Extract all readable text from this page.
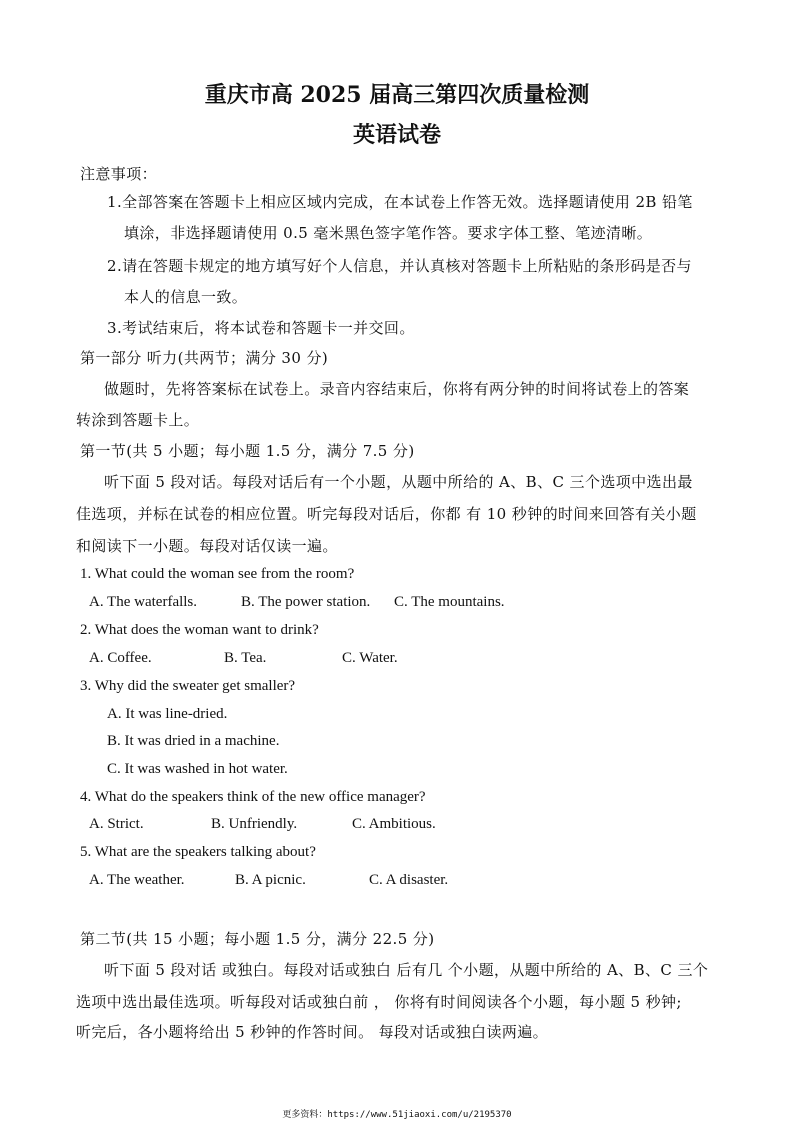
重庆市高 2025 届高三第四次质量检测
英语试卷
注意事项：
1.全部答案在答题卡上相应区域内完成，在本试卷上作答无效。选择题请使用 2B 铅笔
填涂，非选择题请使用 0.5 毫米黑色签字笔作答。要求字体工整、笔迹清晰。
2.请在答题卡规定的地方填写好个人信息，并认真核对答题卡上所粘贴的条形码是否与
本人的信息一致。
3.考试结束后，将本试卷和答题卡一并交回。
第一部分 听力(共两节；满分 30 分)
做题时，先将答案标在试卷上。录音内容结束后，你将有两分钟的时间将试卷上的答案
转涂到答题卡上。
第一节(共 5 小题；每小题 1.5 分，满分 7.5 分)
听下面 5 段对话。每段对话后有一个小题，从题中所给的 A、B、C 三个选项中选出最
佳选项，并标在试卷的相应位置。听完每段对话后，你都 有 10 秒钟的时间来回答有关小题
和阅读下一小题。每段对话仅读一遍。
1. What could the woman see from the room?
A. The waterfalls.	B. The power station. C. The mountains.
2. What does the woman want to drink?
A. Coffee.	B. Tea.	C. Water.
3. Why did the sweater get smaller?
A. It was line-dried.
B. It was dried in a machine.
C. It was washed in hot water.
4. What do the speakers think of the new office manager?
A. Strict.	B. Unfriendly.	C. Ambitious.
5. What are the speakers talking about?
A. The weather.	B. A picnic.	C. A disaster.
第二节(共 15 小题；每小题 1.5 分，满分 22.5 分)
听下面 5 段对话 或独白。每段对话或独白 后有几 个小题，从题中所给的 A、B、C 三个
选项中选出最佳选项。听每段对话或独白前 ， 你将有时间阅读各个小题，每小题 5 秒钟;
听完后，各小题将给出 5 秒钟的作答时间。 每段对话或独白读两遍。
更多资料：https://www.51jiaoxi.com/u/2195370
